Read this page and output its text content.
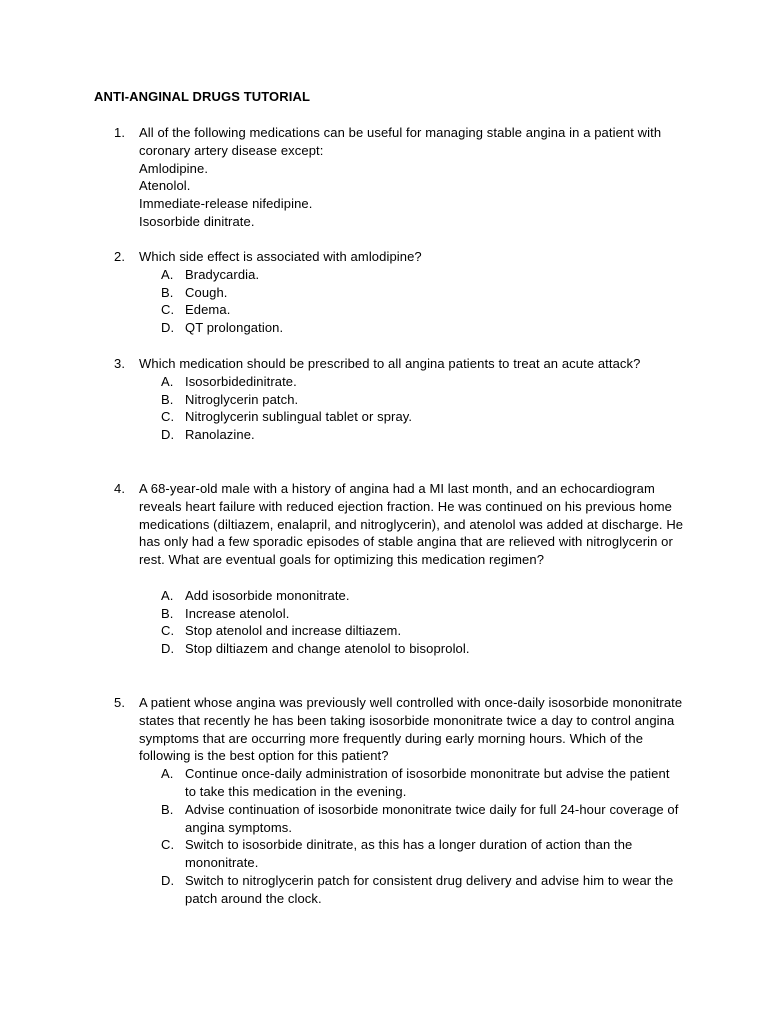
ANTI-ANGINAL DRUGS TUTORIAL
1.	All of the following medications can be useful for managing stable angina in a patient with coronary artery disease except:
Amlodipine.
Atenolol.
Immediate-release nifedipine.
Isosorbide dinitrate.
2.	Which side effect is associated with amlodipine?
A. Bradycardia.
B. Cough.
C. Edema.
D. QT prolongation.
3.	Which medication should be prescribed to all angina patients to treat an acute attack?
A. Isosorbidedinitrate.
B. Nitroglycerin patch.
C. Nitroglycerin sublingual tablet or spray.
D. Ranolazine.
4.	A 68-year-old male with a history of angina had a MI last month, and an echocardiogram reveals heart failure with reduced ejection fraction. He was continued on his previous home medications (diltiazem, enalapril, and nitroglycerin), and atenolol was added at discharge. He has only had a few sporadic episodes of stable angina that are relieved with nitroglycerin or rest. What are eventual goals for optimizing this medication regimen?
A. Add isosorbide mononitrate.
B. Increase atenolol.
C. Stop atenolol and increase diltiazem.
D. Stop diltiazem and change atenolol to bisoprolol.
5.	A patient whose angina was previously well controlled with once-daily isosorbide mononitrate states that recently he has been taking isosorbide mononitrate twice a day to control angina symptoms that are occurring more frequently during early morning hours. Which of the following is the best option for this patient?
A. Continue once-daily administration of isosorbide mononitrate but advise the patient to take this medication in the evening.
B. Advise continuation of isosorbide mononitrate twice daily for full 24-hour coverage of angina symptoms.
C. Switch to isosorbide dinitrate, as this has a longer duration of action than the mononitrate.
D. Switch to nitroglycerin patch for consistent drug delivery and advise him to wear the patch around the clock.
